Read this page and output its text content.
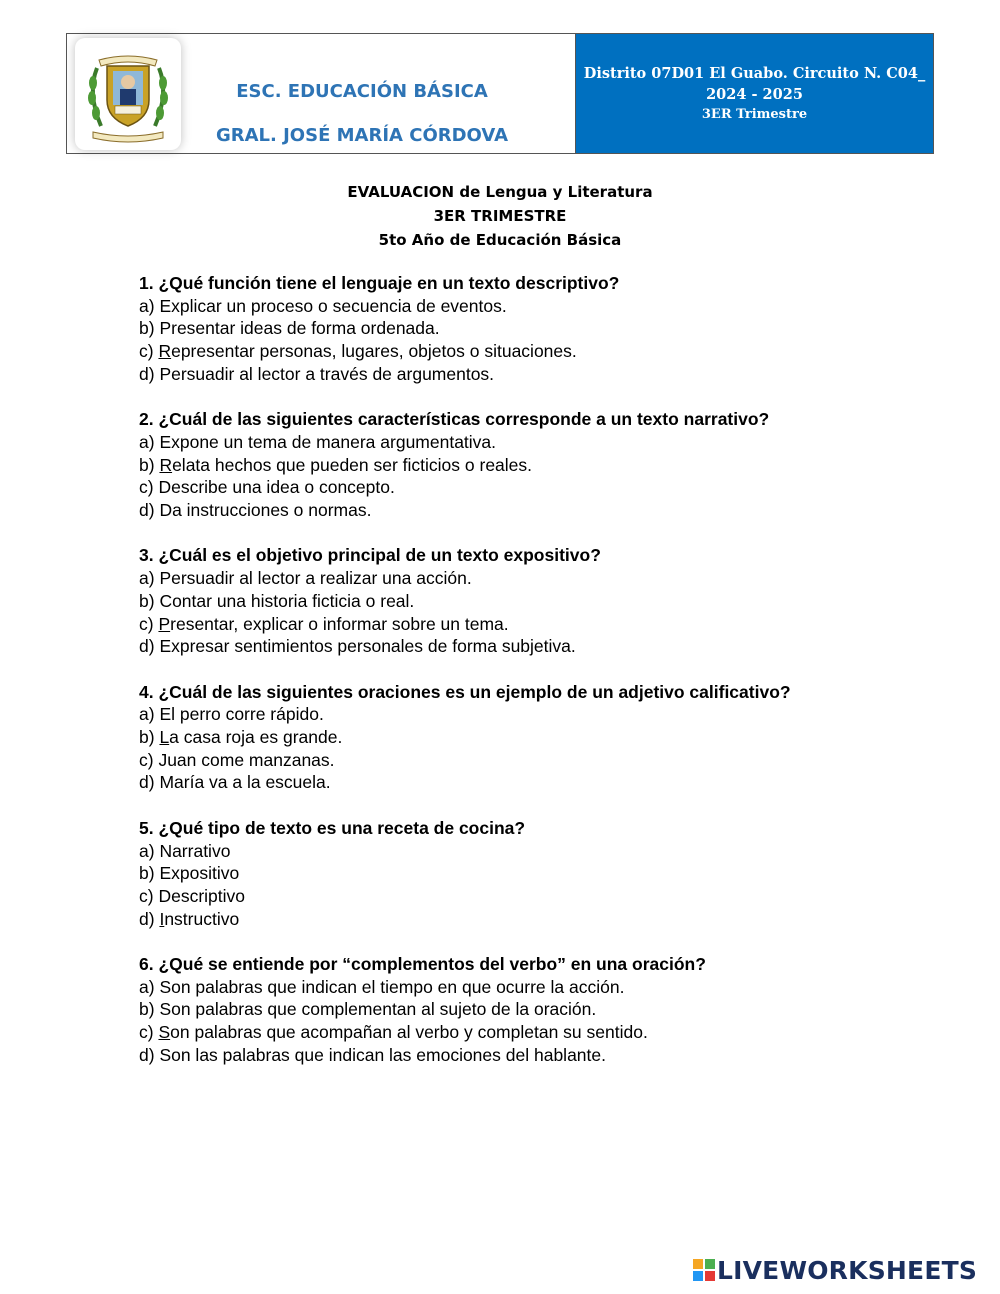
ESC. EDUCACIÓN BÁSICA
GRAL. JOSÉ MARÍA CÓRDOVA
Distrito 07D01 El Guabo. Circuito N. C04_
2024 - 2025
3ER Trimestre
EVALUACION de Lengua y Literatura
3ER TRIMESTRE
5to Año de Educación Básica
1. ¿Qué función tiene el lenguaje en un texto descriptivo?
a) Explicar un proceso o secuencia de eventos.
b) Presentar ideas de forma ordenada.
c) Representar personas, lugares, objetos o situaciones.
d) Persuadir al lector a través de argumentos.
2. ¿Cuál de las siguientes características corresponde a un texto narrativo?
a) Expone un tema de manera argumentativa.
b) Relata hechos que pueden ser ficticios o reales.
c) Describe una idea o concepto.
d) Da instrucciones o normas.
3. ¿Cuál es el objetivo principal de un texto expositivo?
a) Persuadir al lector a realizar una acción.
b) Contar una historia ficticia o real.
c) Presentar, explicar o informar sobre un tema.
d) Expresar sentimientos personales de forma subjetiva.
4. ¿Cuál de las siguientes oraciones es un ejemplo de un adjetivo calificativo?
a) El perro corre rápido.
b) La casa roja es grande.
c) Juan come manzanas.
d) María va a la escuela.
5. ¿Qué tipo de texto es una receta de cocina?
a) Narrativo
b) Expositivo
c) Descriptivo
d) Instructivo
6. ¿Qué se entiende por “complementos del verbo” en una oración?
a) Son palabras que indican el tiempo en que ocurre la acción.
b) Son palabras que complementan al sujeto de la oración.
c) Son palabras que acompañan al verbo y completan su sentido.
d) Son las palabras que indican las emociones del hablante.
LIVEWORKSHEETS
